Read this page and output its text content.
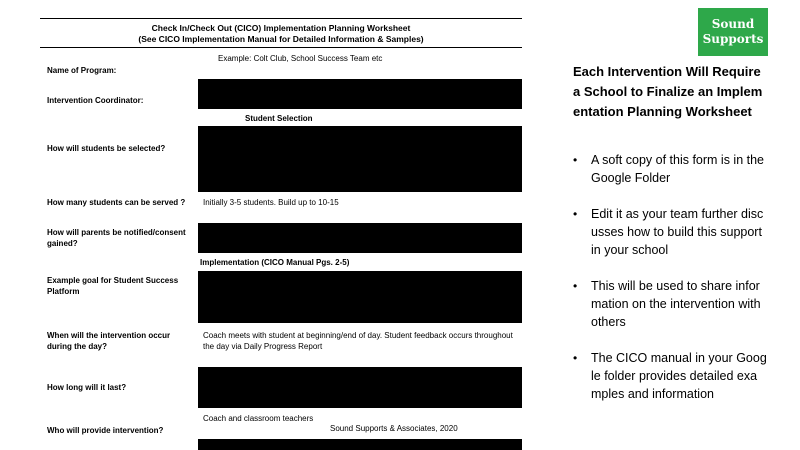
Check In/Check Out (CICO) Implementation Planning Worksheet
(See CICO Implementation Manual for Detailed Information & Samples)
Example: Colt Club, School Success Team etc
Name of Program:
Intervention Coordinator:
Student Selection
How will students be selected?
How many students can be served ?	Initially 3-5 students. Build up to 10-15
How will parents be notified/consent gained?
Implementation (CICO Manual Pgs. 2-5)
Example goal for Student Success Platform
When will the intervention occur during the day?
Coach meets with student at beginning/end of day. Student feedback occurs throughout the day via Daily Progress Report
How long will it last?
Coach and classroom teachers
Who will provide intervention?	Sound Supports & Associates, 2020
Sound
Supports
Each Intervention Will Require a School to Finalize an Implementation Planning Worksheet
• A soft copy of this form is in the Google Folder
• Edit it as your team further discusses how to build this support in your school
• This will be used to share information on the intervention with others
• The CICO manual in your Google folder provides detailed examples and information
